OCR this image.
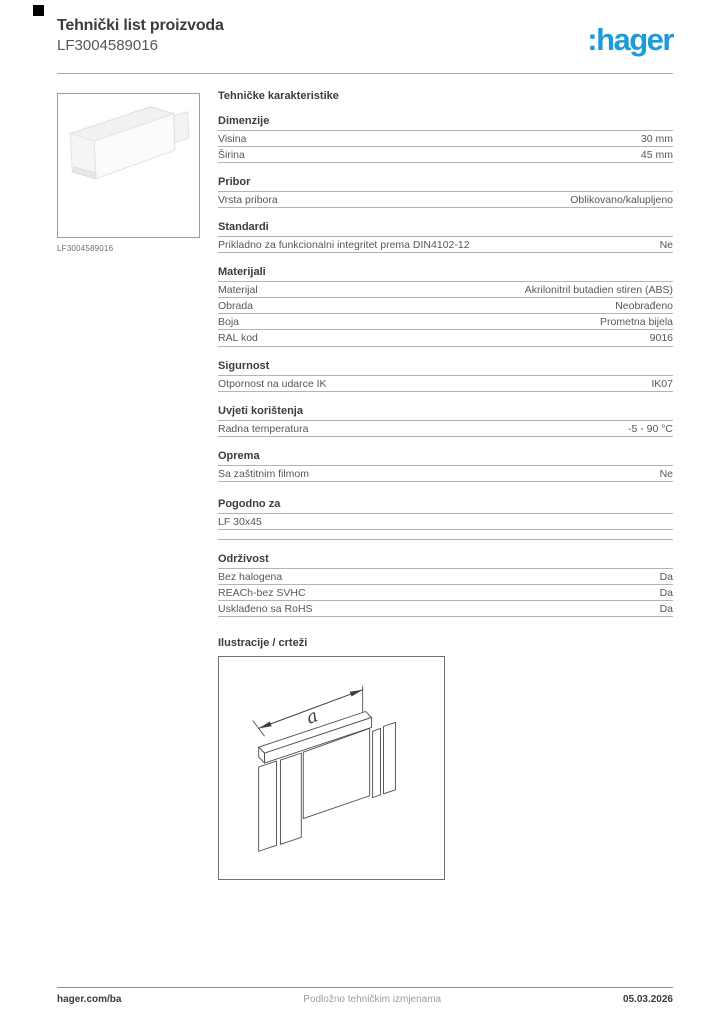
Tehnički list proizvoda
LF3004589016	:hager
LF3004589016
Tehničke karakteristike
Dimenzije
Visina	30 mm
Širina	45 mm
Pribor
Vrsta pribora	Oblikovano/kalupljeno
Standardi
Prikladno za funkcionalni integritet prema DIN4102-12	Ne
Materijali
Materijal	Akrilonitril butadien stiren (ABS)
Obrada	Neobrađeno
Boja	Prometna bijela
RAL kod	9016
Sigurnost
Otpornost na udarce IK	IK07
Uvjeti korištenja
Radna temperatura	-5 - 90 °C
Oprema
Sa zaštitnim filmom	Ne
Pogodno za
LF 30x45
Održivost
Bez halogena	Da
REACh-bez SVHC	Da
Usklađeno sa RoHS	Da
Ilustracije / crteži
a
hager.com/ba	Podložno tehničkim izmjenama	05.03.2026
